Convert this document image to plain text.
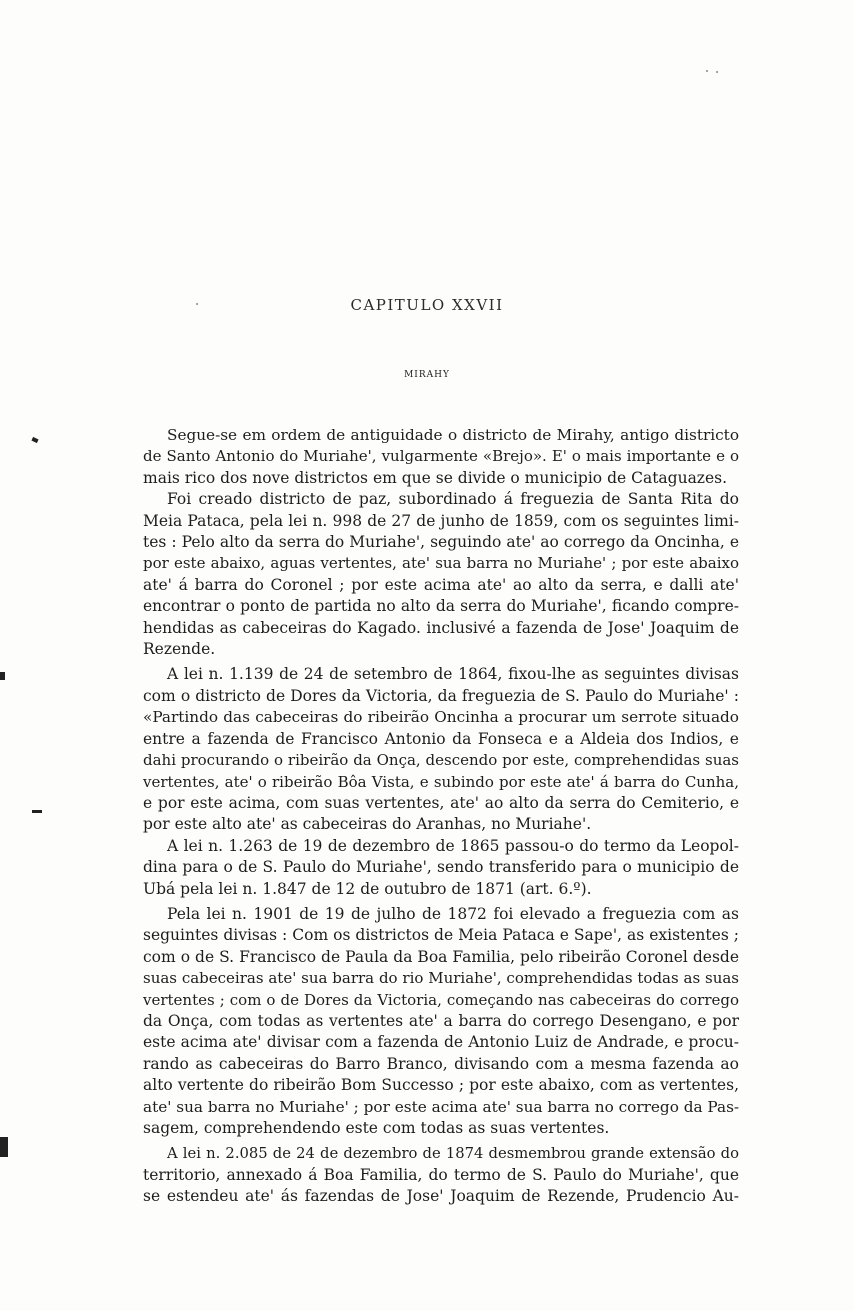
CAPITULO XXVII
MIRAHY
Segue-se em ordem de antiguidade o districto de Mirahy, antigo districto
de Santo Antonio do Muriahe', vulgarmente «Brejo». E' o mais importante e o
mais rico dos nove districtos em que se divide o municipio de Cataguazes.
Foi creado districto de paz, subordinado á freguezia de Santa Rita do
Meia Pataca, pela lei n. 998 de 27 de junho de 1859, com os seguintes limi-
tes : Pelo alto da serra do Muriahe', seguindo ate' ao corrego da Oncinha, e
por este abaixo, aguas vertentes, ate' sua barra no Muriahe' ; por este abaixo
ate' á barra do Coronel ; por este acima ate' ao alto da serra, e dalli ate'
encontrar o ponto de partida no alto da serra do Muriahe', ficando compre-
hendidas as cabeceiras do Kagado. inclusivé a fazenda de Jose' Joaquim de
Rezende.
A lei n. 1.139 de 24 de setembro de 1864, fixou-lhe as seguintes divisas
com o districto de Dores da Victoria, da freguezia de S. Paulo do Muriahe' :
«Partindo das cabeceiras do ribeirão Oncinha a procurar um serrote situado
entre a fazenda de Francisco Antonio da Fonseca e a Aldeia dos Indios, e
dahi procurando o ribeirão da Onça, descendo por este, comprehendidas suas
vertentes, ate' o ribeirão Bôa Vista, e subindo por este ate' á barra do Cunha,
e por este acima, com suas vertentes, ate' ao alto da serra do Cemiterio, e
por este alto ate' as cabeceiras do Aranhas, no Muriahe'.
A lei n. 1.263 de 19 de dezembro de 1865 passou-o do termo da Leopol-
dina para o de S. Paulo do Muriahe', sendo transferido para o municipio de
Ubá pela lei n. 1.847 de 12 de outubro de 1871 (art. 6.º).
Pela lei n. 1901 de 19 de julho de 1872 foi elevado a freguezia com as
seguintes divisas : Com os districtos de Meia Pataca e Sape', as existentes ;
com o de S. Francisco de Paula da Boa Familia, pelo ribeirão Coronel desde
suas cabeceiras ate' sua barra do rio Muriahe', comprehendidas todas as suas
vertentes ; com o de Dores da Victoria, começando nas cabeceiras do corrego
da Onça, com todas as vertentes ate' a barra do corrego Desengano, e por
este acima ate' divisar com a fazenda de Antonio Luiz de Andrade, e procu-
rando as cabeceiras do Barro Branco, divisando com a mesma fazenda ao
alto vertente do ribeirão Bom Successo ; por este abaixo, com as vertentes,
ate' sua barra no Muriahe' ; por este acima ate' sua barra no corrego da Pas-
sagem, comprehendendo este com todas as suas vertentes.
A lei n. 2.085 de 24 de dezembro de 1874 desmembrou grande extensão do
territorio, annexado á Boa Familia, do termo de S. Paulo do Muriahe', que
se estendeu ate' ás fazendas de Jose' Joaquim de Rezende, Prudencio Au-
